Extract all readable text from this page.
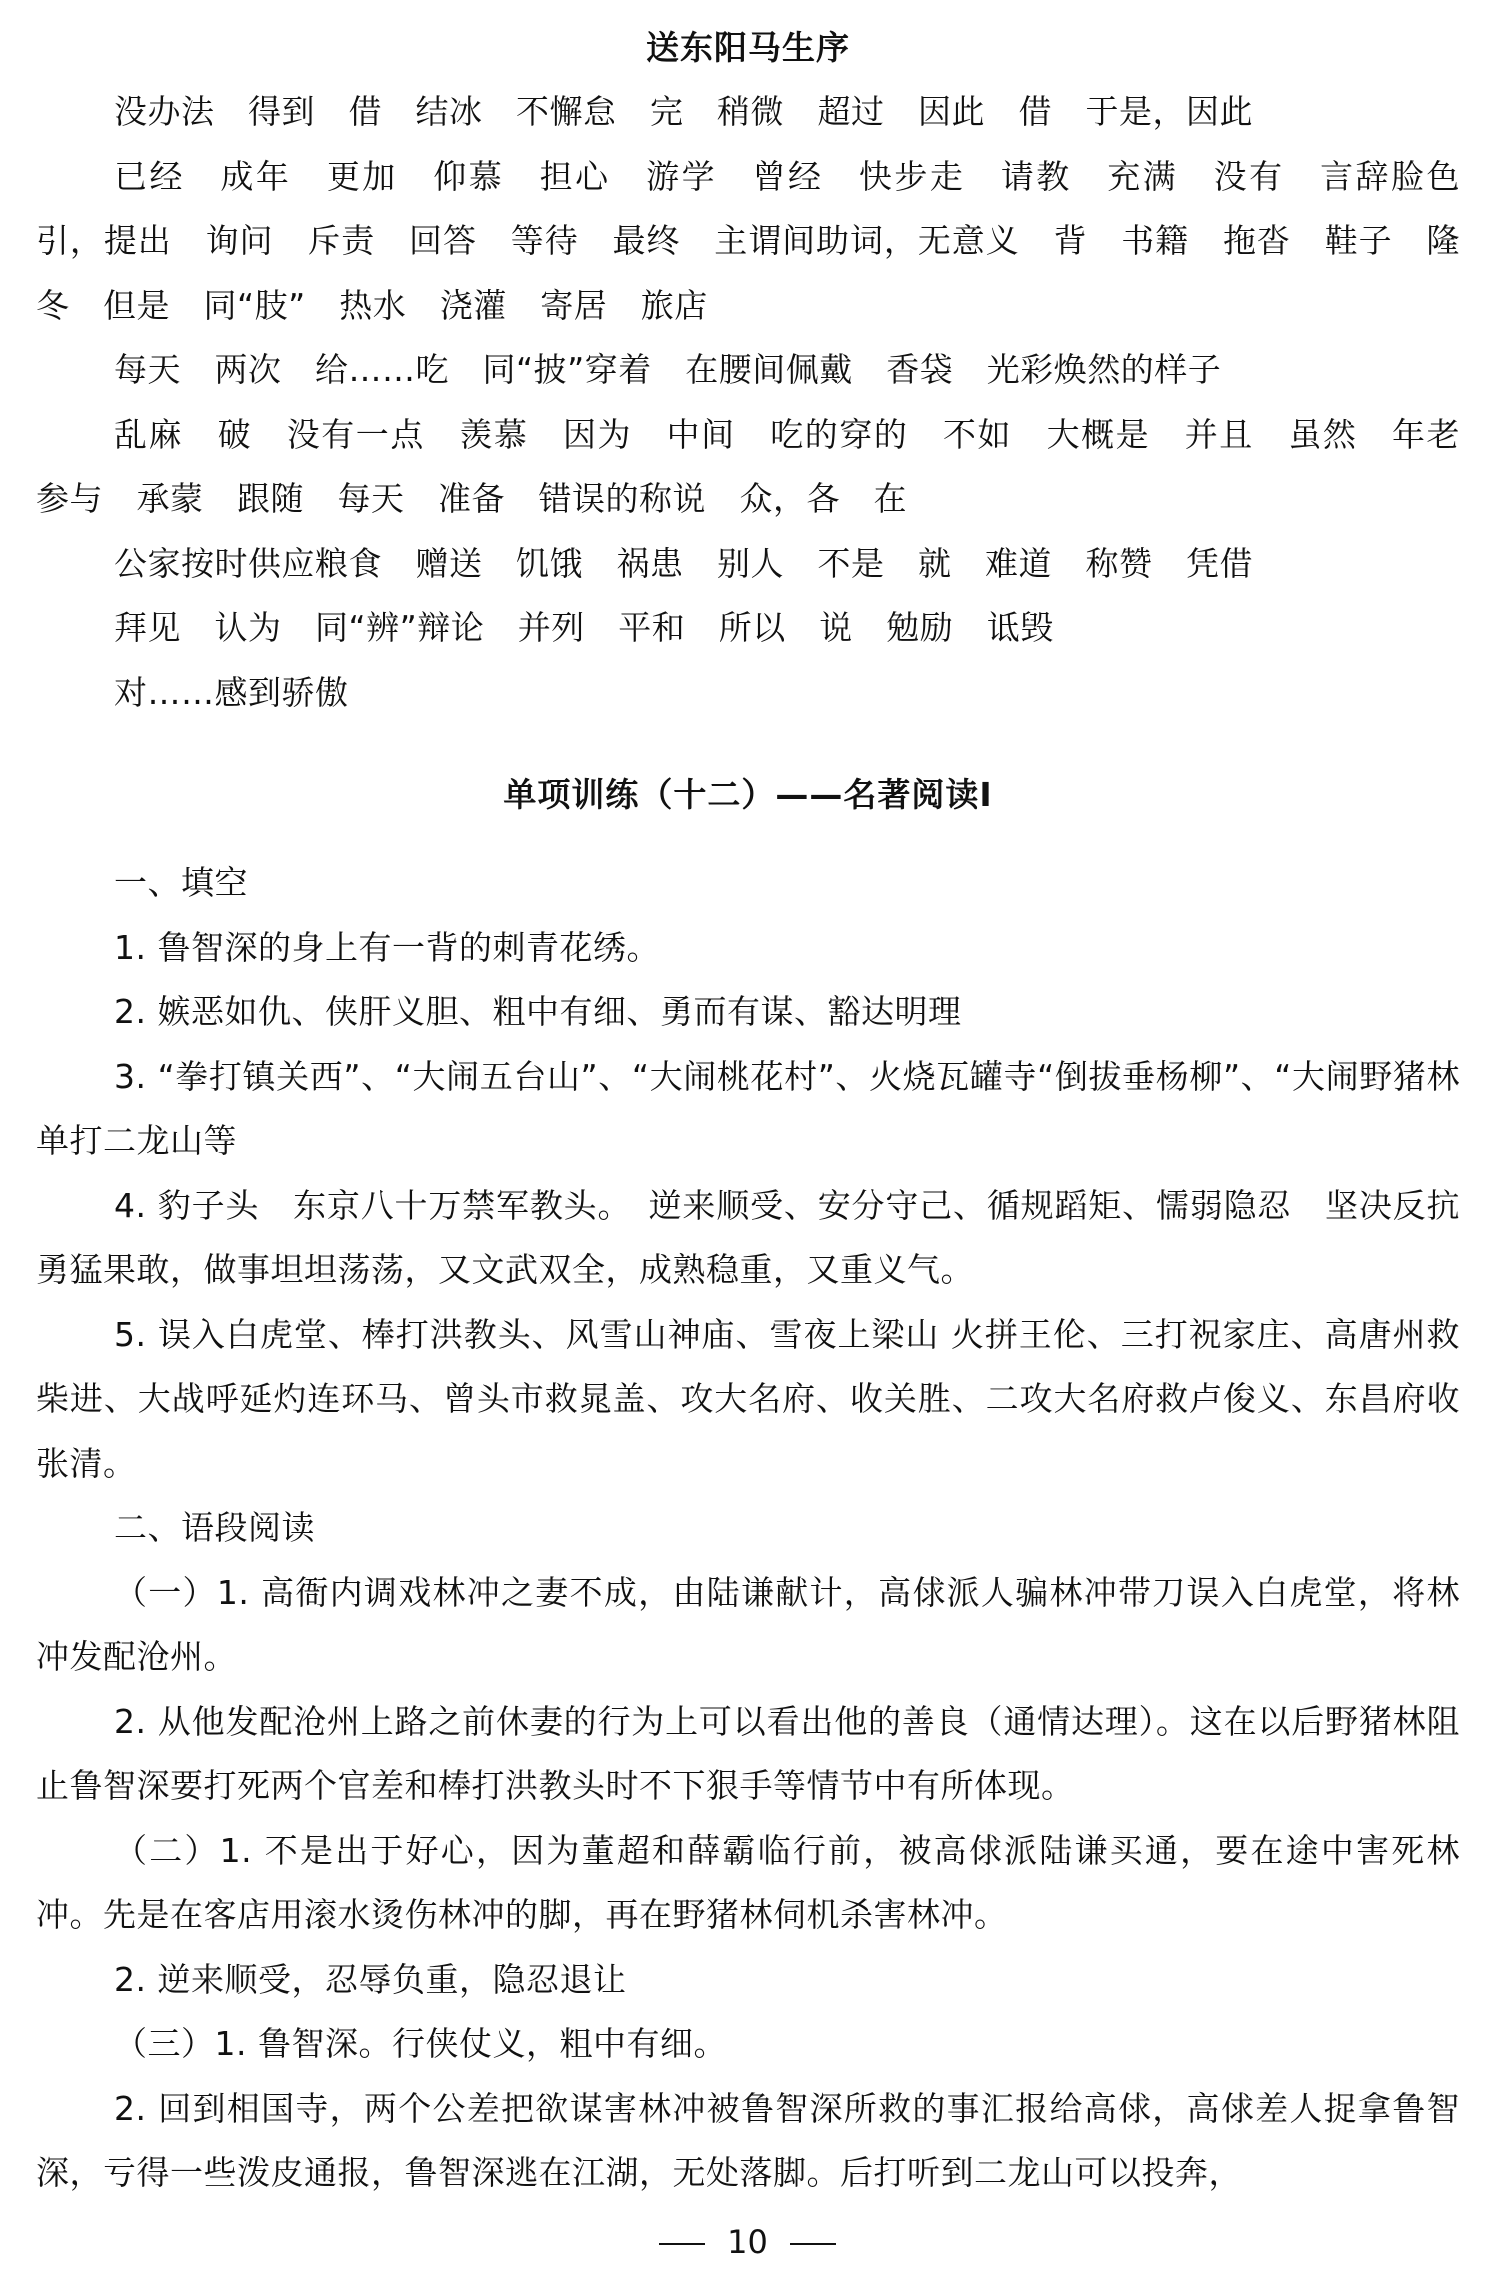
送东阳马生序

没办法　得到　借　结冰　不懈怠　完　稍微　超过　因此　借　于是，因此

已经　成年　更加　仰慕　担心　游学　曾经　快步走　请教　充满　没有　言辞脸色　引，提出　询问　斥责　回答　等待　最终　主谓间助词，无意义　背　书籍　拖沓　鞋子　隆冬　但是　同“肢”　热水　浇灌　寄居　旅店

每天　两次　给……吃　同“披”穿着　在腰间佩戴　香袋　光彩焕然的样子

乱麻　破　没有一点　羡慕　因为　中间　吃的穿的　不如　大概是　并且　虽然　年老　参与　承蒙　跟随　每天　准备　错误的称说　众，各　在

公家按时供应粮食　赠送　饥饿　祸患　别人　不是　就　难道　称赞　凭借

拜见　认为　同“辨”辩论　并列　平和　所以　说　勉励　诋毁

对……感到骄傲

单项训练（十二）——名著阅读Ⅰ

一、填空

1. 鲁智深的身上有一背的刺青花绣。

2. 嫉恶如仇、侠肝义胆、粗中有细、勇而有谋、豁达明理

3. “拳打镇关西”、“大闹五台山”、“大闹桃花村”、火烧瓦罐寺“倒拔垂杨柳”、“大闹野猪林 单打二龙山等

4. 豹子头　东京八十万禁军教头。　逆来顺受、安分守己、循规蹈矩、懦弱隐忍　坚决反抗勇猛果敢，做事坦坦荡荡，又文武双全，成熟稳重，又重义气。

5. 误入白虎堂、棒打洪教头、风雪山神庙、雪夜上梁山 火拼王伦、三打祝家庄、高唐州救柴进、大战呼延灼连环马、曾头市救晁盖、攻大名府、收关胜、二攻大名府救卢俊义、东昌府收张清。

二、语段阅读

（一）1. 高衙内调戏林冲之妻不成，由陆谦献计，高俅派人骗林冲带刀误入白虎堂，将林冲发配沧州。

2. 从他发配沧州上路之前休妻的行为上可以看出他的善良（通情达理）。这在以后野猪林阻止鲁智深要打死两个官差和棒打洪教头时不下狠手等情节中有所体现。

（二）1. 不是出于好心，因为董超和薛霸临行前，被高俅派陆谦买通，要在途中害死林冲。先是在客店用滚水烫伤林冲的脚，再在野猪林伺机杀害林冲。

2. 逆来顺受，忍辱负重，隐忍退让

（三）1. 鲁智深。行侠仗义，粗中有细。

2. 回到相国寺，两个公差把欲谋害林冲被鲁智深所救的事汇报给高俅，高俅差人捉拿鲁智深，亏得一些泼皮通报，鲁智深逃在江湖，无处落脚。后打听到二龙山可以投奔，

10
